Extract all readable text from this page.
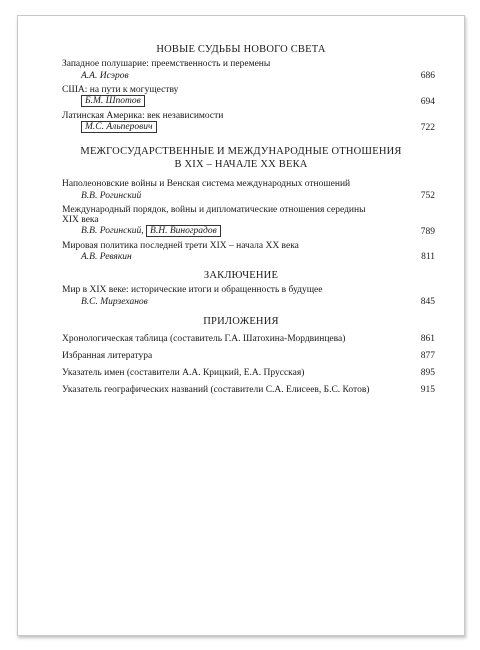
НОВЫЕ СУДЬБЫ НОВОГО СВЕТА
Западное полушарие: преемственность и перемены
А.А. Исэров	686
США: на пути к могуществу
Б.М. Шпотов	694
Латинская Америка: век независимости
М.С. Альперович	722
МЕЖГОСУДАРСТВЕННЫЕ И МЕЖДУНАРОДНЫЕ ОТНОШЕНИЯ
В XIX – НАЧАЛЕ XX ВЕКА
Наполеоновские войны и Венская система международных отношений
В.В. Рогинский	752
Международный порядок, войны и дипломатические отношения середины
XIX века
В.В. Рогинский, В.Н. Виноградов	789
Мировая политика последней трети XIX – начала XX века
А.В. Ревякин	811
ЗАКЛЮЧЕНИЕ
Мир в XIX веке: исторические итоги и обращенность в будущее
В.С. Мирзеханов	845
ПРИЛОЖЕНИЯ
Хронологическая таблица (составитель Г.А. Шатохина-Мордвинцева)	861
Избранная литература	877
Указатель имен (составители А.А. Крицкий, Е.А. Прусская)	895
Указатель географических названий (составители С.А. Елисеев, Б.С. Котов)	915
